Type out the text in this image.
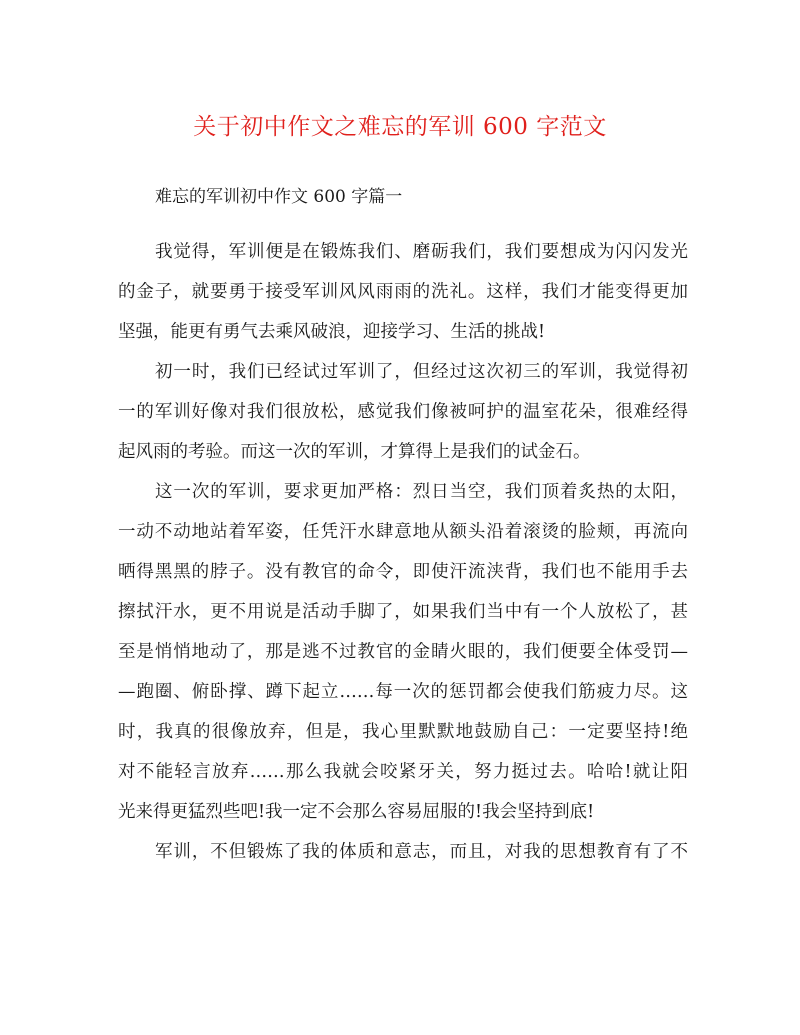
关于初中作文之难忘的军训 600 字范文
难忘的军训初中作文 600 字篇一
我觉得，军训便是在锻炼我们、磨砺我们，我们要想成为闪闪发光
的金子，就要勇于接受军训风风雨雨的洗礼。这样，我们才能变得更加
坚强，能更有勇气去乘风破浪，迎接学习、生活的挑战!
初一时，我们已经试过军训了，但经过这次初三的军训，我觉得初
一的军训好像对我们很放松，感觉我们像被呵护的温室花朵，很难经得
起风雨的考验。而这一次的军训，才算得上是我们的试金石。
这一次的军训，要求更加严格：烈日当空，我们顶着炙热的太阳，
一动不动地站着军姿，任凭汗水肆意地从额头沿着滚烫的脸颊，再流向
晒得黑黑的脖子。没有教官的命令，即使汗流浃背，我们也不能用手去
擦拭汗水，更不用说是活动手脚了，如果我们当中有一个人放松了，甚
至是悄悄地动了，那是逃不过教官的金睛火眼的，我们便要全体受罚—
—跑圈、俯卧撑、蹲下起立……每一次的惩罚都会使我们筋疲力尽。这
时，我真的很像放弃，但是，我心里默默地鼓励自己：一定要坚持!绝
对不能轻言放弃……那么我就会咬紧牙关，努力挺过去。哈哈!就让阳
光来得更猛烈些吧!我一定不会那么容易屈服的!我会坚持到底!
军训，不但锻炼了我的体质和意志，而且，对我的思想教育有了不
